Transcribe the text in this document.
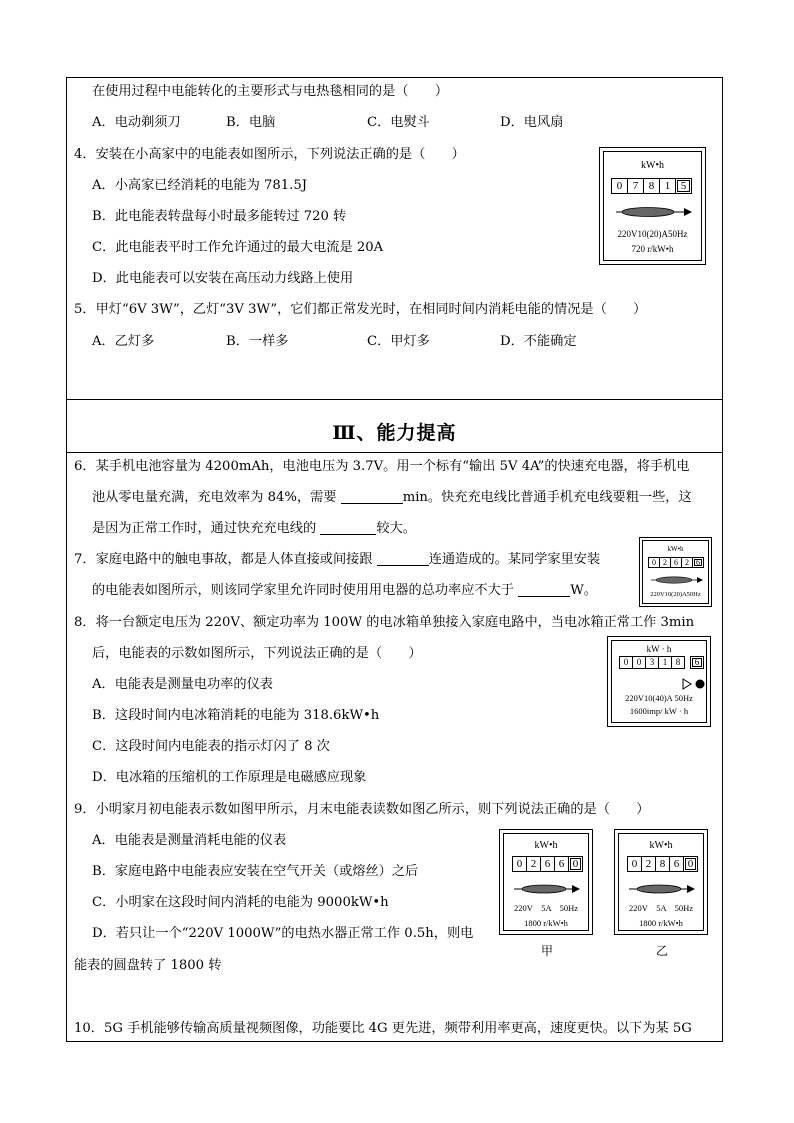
在使用过程中电能转化的主要形式与电热毯相同的是（　　）
A．电动剃须刀	B．电脑	C．电熨斗	D．电风扇
4．安装在小高家中的电能表如图所示，下列说法正确的是（　　）
A．小高家已经消耗的电能为 781.5J
B．此电能表转盘每小时最多能转过 720 转
C．此电能表平时工作允许通过的最大电流是 20A
D．此电能表可以安装在高压动力线路上使用
kW•h
0 7 8 1 5
220V10(20)A50Hz
720 r/kW•h
5．甲灯“6V 3W”，乙灯“3V 3W”，它们都正常发光时，在相同时间内消耗电能的情况是（　　）
A．乙灯多	B．一样多	C．甲灯多	D．不能确定
Ⅲ、能力提高
6．某手机电池容量为 4200mAh，电池电压为 3.7V。用一个标有“输出 5V 4A”的快速充电器，将手机电
池从零电量充满，充电效率为 84%，需要	min。快充充电线比普通手机充电线要粗一些，这
是因为正常工作时，通过快充充电线的	较大。
7．家庭电路中的触电事故，都是人体直接或间接跟	连通造成的。某同学家里安装
的电能表如图所示，则该同学家里允许同时使用用电器的总功率应不大于	W。
kW•h
0 2 6 2 6
220V10(20)A50Hz
8．将一台额定电压为 220V、额定功率为 100W 的电冰箱单独接入家庭电路中，当电冰箱正常工作 3min
后，电能表的示数如图所示，下列说法正确的是（　　）
A．电能表是测量电功率的仪表
B．这段时间内电冰箱消耗的电能为 318.6kW•h
C．这段时间内电能表的指示灯闪了 8 次
D．电冰箱的压缩机的工作原理是电磁感应现象
kW · h
0 0 3 1 8	6
220V10(40)A 50Hz
1600imp/ kW · h
9．小明家月初电能表示数如图甲所示，月末电能表读数如图乙所示，则下列说法正确的是（　　）
A．电能表是测量消耗电能的仪表
B．家庭电路中电能表应安装在空气开关（或熔丝）之后
C．小明家在这段时间内消耗的电能为 9000kW•h
D．若只让一个“220V 1000W”的电热水器正常工作 0.5h，则电
能表的圆盘转了 1800 转
kW•h
0 2 6 6 0
220V　5A　50Hz
1800 r/kW•h
甲
kW•h
0 2 8 6 0
220V　5A　50Hz
1800 r/kW•h
乙
10．5G 手机能够传输高质量视频图像，功能要比 4G 更先进，频带利用率更高，速度更快。以下为某 5G
